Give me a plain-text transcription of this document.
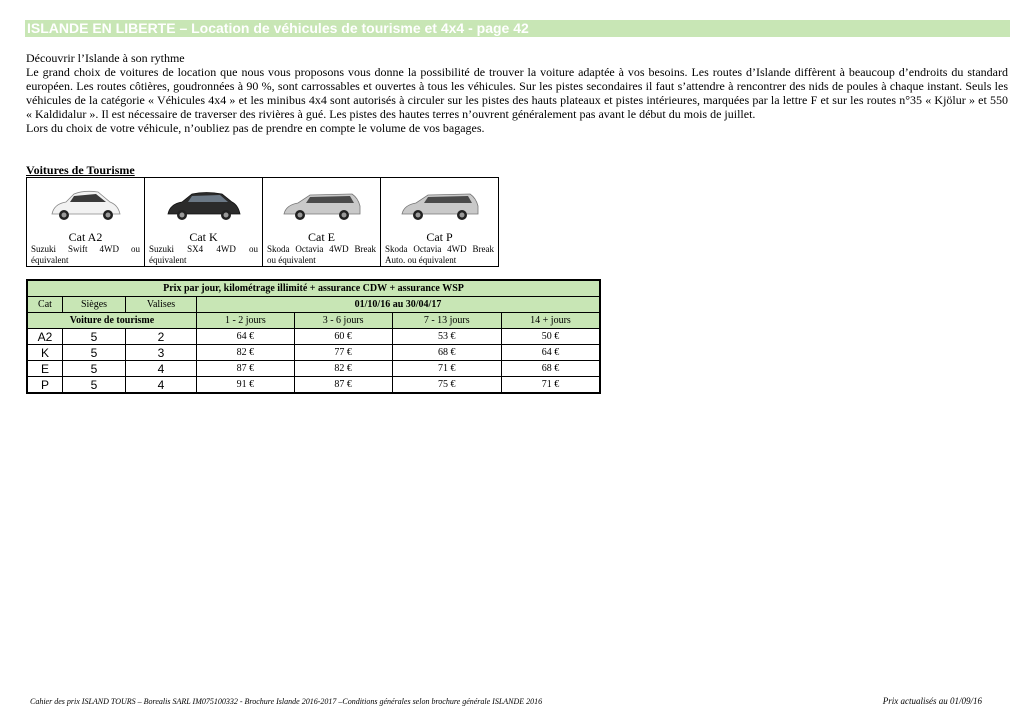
ISLANDE EN LIBERTE – Location de véhicules de tourisme et 4x4 - page 42

Découvrir l’Islande à son rythme

Le grand choix de voitures de location que nous vous proposons vous donne la possibilité de trouver la voiture adaptée à vos besoins. Les routes d’Islande diffèrent à beaucoup d’endroits du standard européen. Les routes côtières, goudronnées à 90 %, sont carrossables et ouvertes à tous les véhicules. Sur les pistes secondaires il faut s’attendre à rencontrer des nids de poules à chaque instant. Seuls les véhicules de la catégorie « Véhicules 4x4 » et les minibus 4x4 sont autorisés à circuler sur les pistes des hauts plateaux et pistes intérieures, marquées par la lettre F et sur les routes n°35 « Kjölur » et 550 « Kaldidalur ». Il est nécessaire de traverser des rivières à gué. Les pistes des hautes terres n’ouvrent généralement pas avant le début du mois de juillet.

Lors du choix de votre véhicule, n’oubliez pas de prendre en compte le volume de vos bagages.

Voitures de Tourisme
Cat A2
Suzuki Swift 4WD ou équivalent

Cat K
Suzuki SX4 4WD ou équivalent

Cat E
Skoda Octavia 4WD Break ou équivalent

Cat P
Skoda Octavia 4WD Break Auto. ou équivalent
Prix par jour, kilométrage illimité + assurance CDW + assurance WSP						
Cat	Sièges	Valises	01/10/16 au 30/04/17			
Voiture de tourisme			1 - 2 jours	3 - 6 jours	7 - 13 jours	14 + jours
A2	5	2	64 €	60 €	53 €	50 €
K	5	3	82 €	77 €	68 €	64 €
E	5	4	87 €	82 €	71 €	68 €
P	5	4	91 €	87 €	75 €	71 €
Cahier des prix ISLAND TOURS – Borealis SARL IM075100332 - Brochure Islande 2016-2017 –Conditions générales selon brochure générale ISLANDE 2016	Prix actualisés au 01/09/16
